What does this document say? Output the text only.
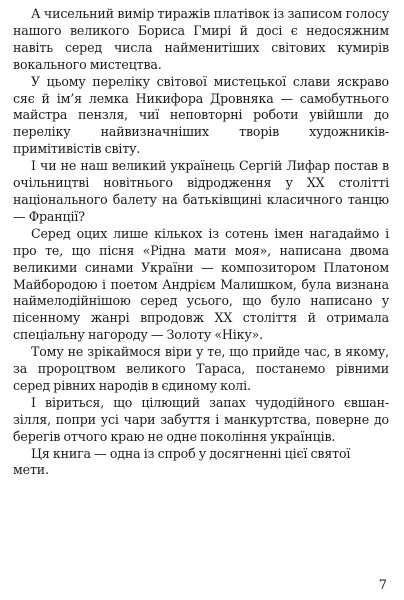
А чисельний вимір тиражів платівок із записом голосу нашого великого Бориса Гмирі й досі є недосяжним навіть серед числа найменитіших світових кумирів вокального мистецтва.

У цьому переліку світової мистецької слави яскраво сяє й ім’я лемка Никифора Дровняка — самобутнього майстра пензля, чиї неповторні роботи увійшли до переліку найвизначніших творів художників-примітивістів світу.

І чи не наш великий українець Сергій Лифар постав в очільництві новітнього відродження у ХХ столітті національного балету на батьківщині класичного танцю — Франції?

Серед оцих лише кількох із сотень імен нагадаймо і про те, що пісня «Рідна мати моя», написана двома великими синами України — композитором Платоном Майбородою і поетом Андрієм Малишком, була визнана наймелодійнішою серед усього, що було написано у пісенному жанрі впродовж ХХ століття й отримала спеціальну нагороду — Золоту «Ніку».

Тому не зрікаймося віри у те, що прийде час, в якому, за пророцтвом великого Тараса, постанемо рівними серед рівних народів в єдиному колі.

І віриться, що цілющий запах чудодійного євшан-зілля, попри усі чари забуття і манкуртства, поверне до берегів отчого краю не одне покоління українців.

Ця книга — одна із спроб у досягненні цієї святої мети.

7
